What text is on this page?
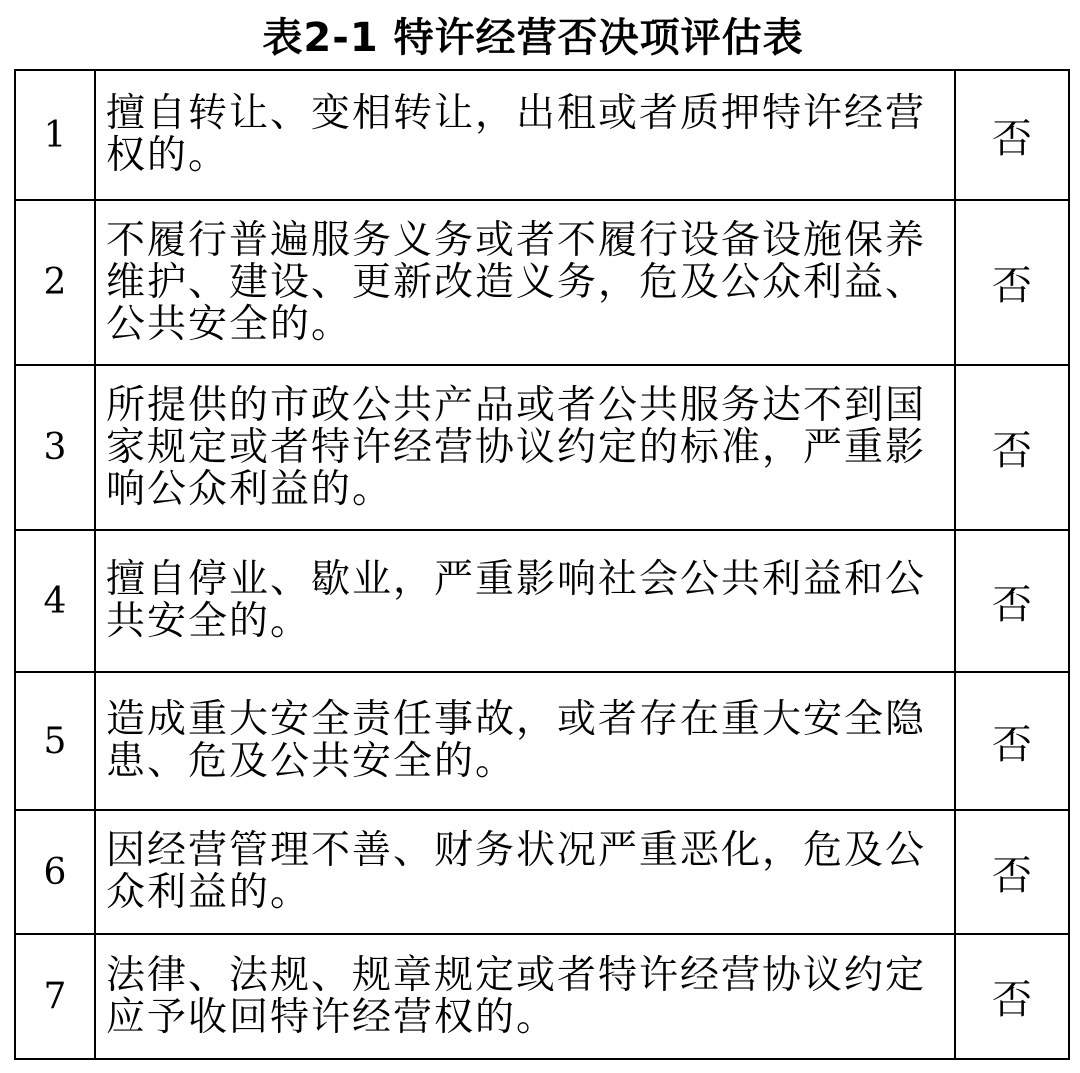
表2-1 特许经营否决项评估表
1	擅自转让、变相转让，出租或者质押特许经营权的。	否
2	不履行普遍服务义务或者不履行设备设施保养维护、建设、更新改造义务，危及公众利益、公共安全的。	否
3	所提供的市政公共产品或者公共服务达不到国家规定或者特许经营协议约定的标准，严重影响公众利益的。	否
4	擅自停业、歇业，严重影响社会公共利益和公共安全的。	否
5	造成重大安全责任事故，或者存在重大安全隐患、危及公共安全的。	否
6	因经营管理不善、财务状况严重恶化，危及公众利益的。	否
7	法律、法规、规章规定或者特许经营协议约定应予收回特许经营权的。	否
